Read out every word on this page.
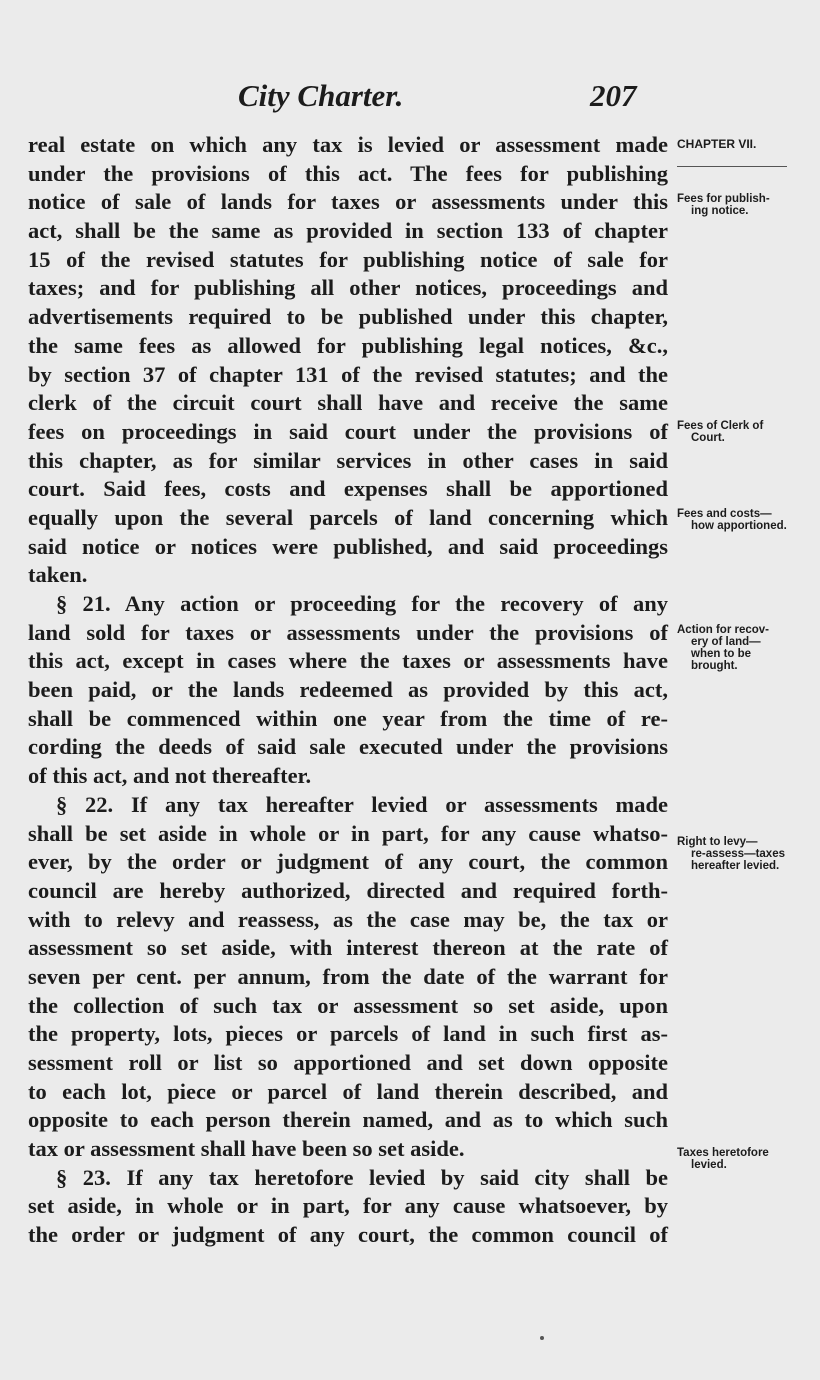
City Charter.	207
CHAPTER VII.
real estate on which any tax is levied or assessment made
under the provisions of this act. The fees for publishing
notice of sale of lands for taxes or assessments under this
act, shall be the same as provided in section 133 of chapter
15 of the revised statutes for publishing notice of sale for
taxes; and for publishing all other notices, proceedings and
advertisements required to be published under this chapter,
the same fees as allowed for publishing legal notices, &c.,
by section 37 of chapter 131 of the revised statutes; and the
clerk of the circuit court shall have and receive the same
fees on proceedings in said court under the provisions of
this chapter, as for similar services in other cases in said
court. Said fees, costs and expenses shall be apportioned
equally upon the several parcels of land concerning which
said notice or notices were published, and said proceedings
taken.
§ 21. Any action or proceeding for the recovery of any
land sold for taxes or assessments under the provisions of
this act, except in cases where the taxes or assessments have
been paid, or the lands redeemed as provided by this act,
shall be commenced within one year from the time of re-
cording the deeds of said sale executed under the provisions
of this act, and not thereafter.
§ 22. If any tax hereafter levied or assessments made
shall be set aside in whole or in part, for any cause whatso-
ever, by the order or judgment of any court, the common
council are hereby authorized, directed and required forth-
with to relevy and reassess, as the case may be, the tax or
assessment so set aside, with interest thereon at the rate of
seven per cent. per annum, from the date of the warrant for
the collection of such tax or assessment so set aside, upon
the property, lots, pieces or parcels of land in such first as-
sessment roll or list so apportioned and set down opposite
to each lot, piece or parcel of land therein described, and
opposite to each person therein named, and as to which such
tax or assessment shall have been so set aside.
§ 23. If any tax heretofore levied by said city shall be
set aside, in whole or in part, for any cause whatsoever, by
the order or judgment of any court, the common council of
Fees for publish-
ing notice.
Fees of Clerk of
Court.
Fees and costs—
how apportioned.
Action for recov-
ery of land—
when to be
brought.
Right to levy—
re-assess—taxes
hereafter levied.
Taxes heretofore
levied.
